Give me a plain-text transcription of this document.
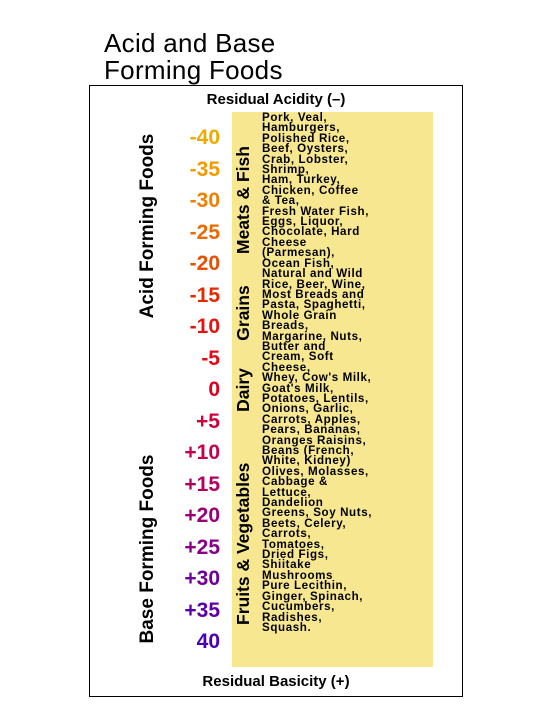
Acid and Base
Forming Foods
Residual Acidity (–)
Residual Basicity (+)
Acid Forming Foods
Base Forming Foods
Meats & Fish
Grains
Dairy
Fruits & Vegetables
-40
-35
-30
-25
-20
-15
-10
-5
0
+5
+10
+15
+20
+25
+30
+35
40
Pork, Veal,
Hamburgers,
Polished Rice,
Beef, Oysters,
Crab, Lobster,
Shrimp,
Ham, Turkey,
Chicken, Coffee
& Tea,
Fresh Water Fish,
Eggs, Liquor,
Chocolate, Hard
Cheese
(Parmesan),
Ocean Fish,
Natural and Wild
Rice, Beer, Wine,
Most Breads and
Pasta, Spaghetti,
Whole Grain
Breads,
Margarine, Nuts,
Butter and
Cream, Soft
Cheese,
Whey, Cow's Milk,
Goat's Milk,
Potatoes, Lentils,
Onions, Garlic,
Carrots, Apples,
Pears, Bananas,
Oranges Raisins,
Beans (French,
White, Kidney)
Olives, Molasses,
Cabbage &
Lettuce,
Dandelion
Greens, Soy Nuts,
Beets, Celery,
Carrots,
Tomatoes,
Dried Figs,
Shiitake
Mushrooms
Pure Lecithin,
Ginger, Spinach,
Cucumbers,
Radishes,
Squash.
